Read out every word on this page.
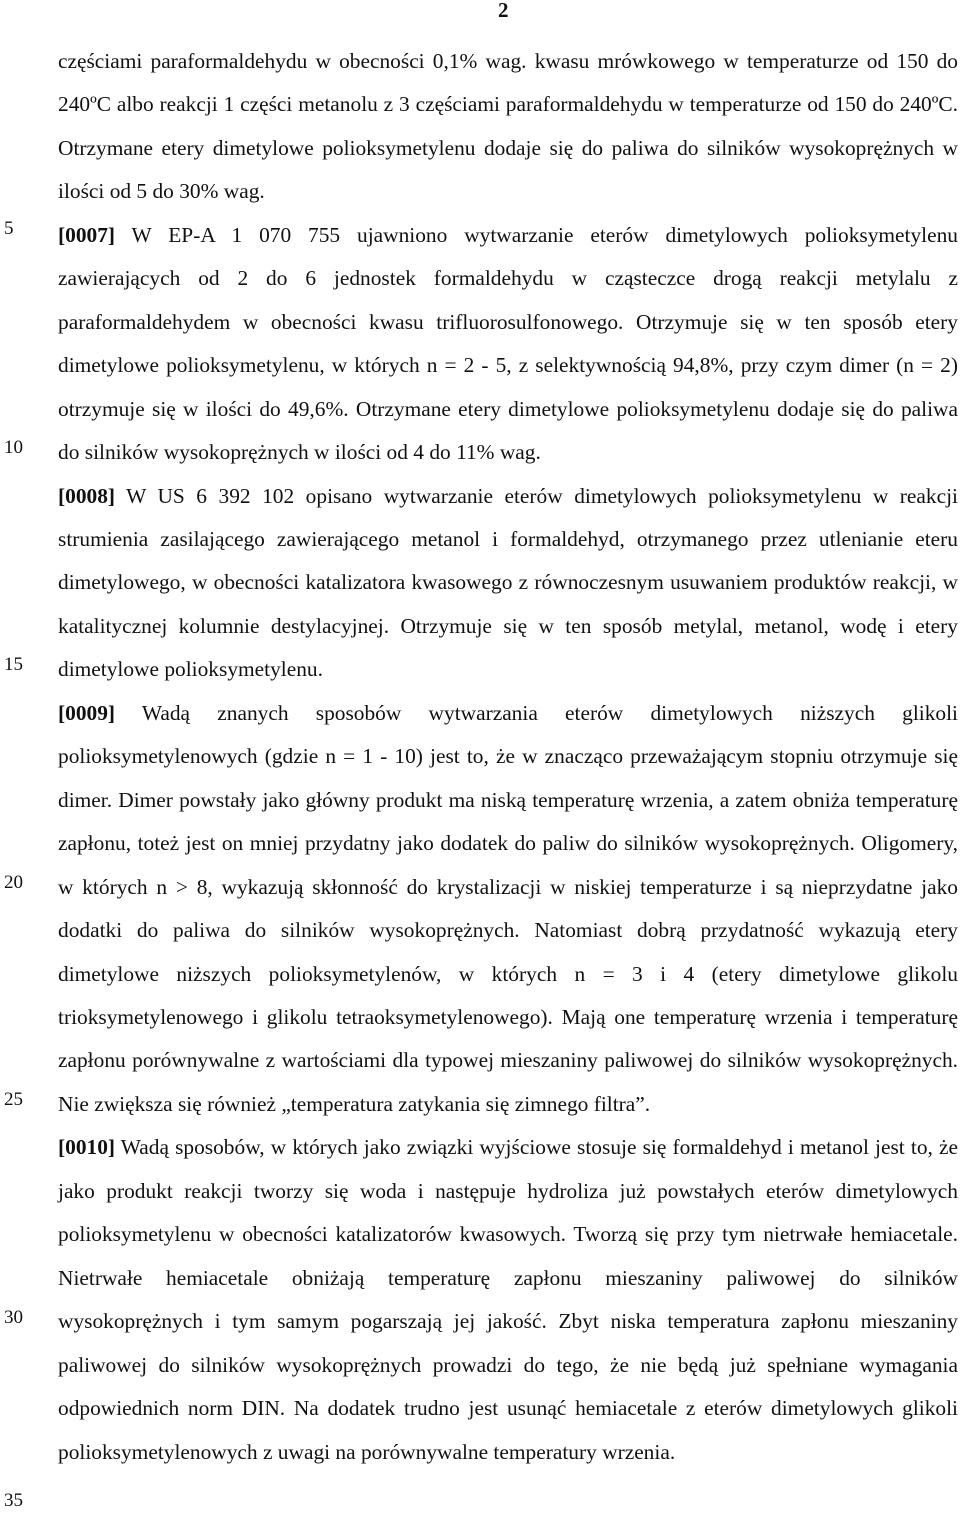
2
5
10
15
20
25
30
35

częściami paraformaldehydu w obecności 0,1% wag. kwasu mrówkowego w temperaturze od 150 do 240ºC albo reakcji 1 części metanolu z 3 częściami paraformaldehydu w temperaturze od 150 do 240ºC. Otrzymane etery dimetylowe polioksymetylenu dodaje się do paliwa do silników wysokoprężnych w ilości od 5 do 30% wag.

[0007] W EP-A 1 070 755 ujawniono wytwarzanie eterów dimetylowych polioksymetylenu zawierających od 2 do 6 jednostek formaldehydu w cząsteczce drogą reakcji metylalu z paraformaldehydem w obecności kwasu trifluorosulfonowego. Otrzymuje się w ten sposób etery dimetylowe polioksymetylenu, w których n = 2 - 5, z selektywnością 94,8%, przy czym dimer (n = 2) otrzymuje się w ilości do 49,6%. Otrzymane etery dimetylowe polioksymetylenu dodaje się do paliwa do silników wysokoprężnych w ilości od 4 do 11% wag.

[0008] W US 6 392 102 opisano wytwarzanie eterów dimetylowych polioksymetylenu w reakcji strumienia zasilającego zawierającego metanol i formaldehyd, otrzymanego przez utlenianie eteru dimetylowego, w obecności katalizatora kwasowego z równoczesnym usuwaniem produktów reakcji, w katalitycznej kolumnie destylacyjnej. Otrzymuje się w ten sposób metylal, metanol, wodę i etery dimetylowe polioksymetylenu.

[0009] Wadą znanych sposobów wytwarzania eterów dimetylowych niższych glikoli polioksymetylenowych (gdzie n = 1 - 10) jest to, że w znacząco przeważającym stopniu otrzymuje się dimer. Dimer powstały jako główny produkt ma niską temperaturę wrzenia, a zatem obniża temperaturę zapłonu, toteż jest on mniej przydatny jako dodatek do paliw do silników wysokoprężnych. Oligomery, w których n > 8, wykazują skłonność do krystalizacji w niskiej temperaturze i są nieprzydatne jako dodatki do paliwa do silników wysokoprężnych. Natomiast dobrą przydatność wykazują etery dimetylowe niższych polioksymetylenów, w których n = 3 i 4 (etery dimetylowe glikolu trioksymetylenowego i glikolu tetraoksymetylenowego). Mają one temperaturę wrzenia i temperaturę zapłonu porównywalne z wartościami dla typowej mieszaniny paliwowej do silników wysokoprężnych. Nie zwiększa się również „temperatura zatykania się zimnego filtra”.

[0010] Wadą sposobów, w których jako związki wyjściowe stosuje się formaldehyd i metanol jest to, że jako produkt reakcji tworzy się woda i następuje hydroliza już powstałych eterów dimetylowych polioksymetylenu w obecności katalizatorów kwasowych. Tworzą się przy tym nietrwałe hemiacetale. Nietrwałe hemiacetale obniżają temperaturę zapłonu mieszaniny paliwowej do silników wysokoprężnych i tym samym pogarszają jej jakość. Zbyt niska temperatura zapłonu mieszaniny paliwowej do silników wysokoprężnych prowadzi do tego, że nie będą już spełniane wymagania odpowiednich norm DIN. Na dodatek trudno jest usunąć hemiacetale z eterów dimetylowych glikoli polioksymetylenowych z uwagi na porównywalne temperatury wrzenia.
